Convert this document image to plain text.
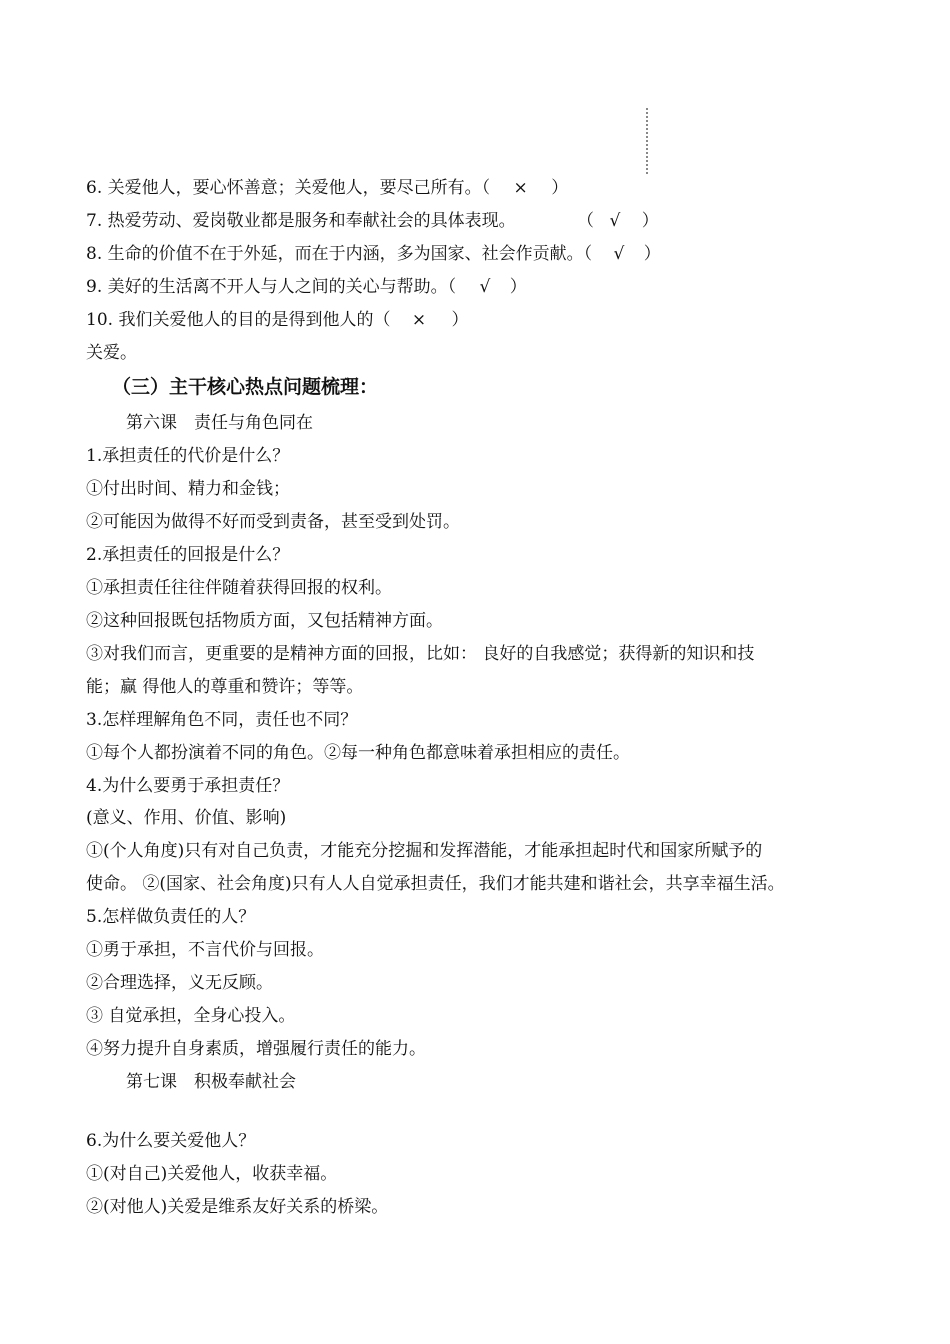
6. 关爱他人，要心怀善意；关爱他人，要尽己所有。（ × ）
7. 热爱劳动、爱岗敬业都是服务和奉献社会的具体表现。	（ √ ）
8. 生命的价值不在于外延，而在于内涵，多为国家、社会作贡献。（ √ ）
9. 美好的生活离不开人与人之间的关心与帮助。（ √ ）
10. 我们关爱他人的目的是得到他人的（ × ）
关爱。
（三）主干核心热点问题梳理：
第六课　责任与角色同在
1.承担责任的代价是什么？
①付出时间、精力和金钱；
②可能因为做得不好而受到责备，甚至受到处罚。
2.承担责任的回报是什么？
①承担责任往往伴随着获得回报的权利。
②这种回报既包括物质方面，又包括精神方面。
③对我们而言，更重要的是精神方面的回报，比如： 良好的自我感觉；获得新的知识和技
能；赢 得他人的尊重和赞许；等等。
3.怎样理解角色不同，责任也不同？
①每个人都扮演着不同的角色。②每一种角色都意味着承担相应的责任。
4.为什么要勇于承担责任？
(意义、作用、价值、影响)
①(个人角度)只有对自己负责，才能充分挖掘和发挥潜能，才能承担起时代和国家所赋予的
使命。 ②(国家、社会角度)只有人人自觉承担责任，我们才能共建和谐社会，共享幸福生活。
5.怎样做负责任的人？
①勇于承担，不言代价与回报。
②合理选择，义无反顾。
③ 自觉承担，全身心投入。
④努力提升自身素质，增强履行责任的能力。
第七课　积极奉献社会
6.为什么要关爱他人？
①(对自己)关爱他人，收获幸福。
②(对他人)关爱是维系友好关系的桥梁。
